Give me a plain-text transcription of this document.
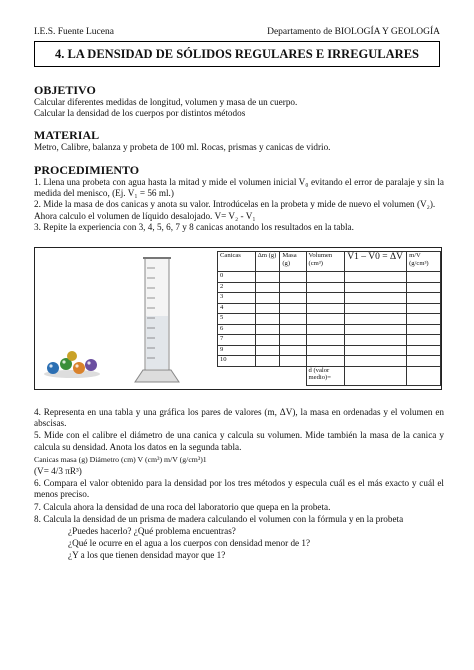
I.E.S. Fuente Lucena	Departamento de BIOLOGÍA Y GEOLOGÍA
4. LA DENSIDAD DE SÓLIDOS REGULARES E IRREGULARES
OBJETIVO

Calcular diferentes medidas de longitud, volumen y masa de un cuerpo.

Calcular la densidad de los cuerpos por distintos métodos

MATERIAL

Metro, Calibre, balanza y probeta de 100 ml. Rocas, prismas y canicas de vidrio.

PROCEDIMIENTO

1. Llena una probeta con agua hasta la mitad y mide el volumen inicial V₀ evitando el error de paralaje y sin la medida del menisco, (Ej. V₁ = 56 ml.)

2. Mide la masa de dos canicas y anota su valor. Introdúcelas en la probeta y mide de nuevo el volumen (V₂).

Ahora calculo el volumen de líquido desalojado. V= V₂ - V₁

3. Repite la experiencia con 3, 4, 5, 6, 7 y 8 canicas anotando los resultados en la tabla.

Canicas	Δm (g)	Masa (g)	Volumen (cm³)	V1 – V0 = ΔV	m/V (g/cm³)
0					
2					
3					
4					
5					
6					
7					
9					
10					
			d (valor medio)=		

4. Representa en una tabla y una gráfica los pares de valores (m, ΔV), la masa en ordenadas y el volumen en abscisas.

5. Mide con el calibre el diámetro de una canica y calcula su volumen. Mide también la masa de la canica y calcula su densidad. Anota los datos en la segunda tabla.

Canicas masa (g) Diámetro (cm) V (cm³) m/V (g/cm³)1

(V= 4/3 πR³)

6. Compara el valor obtenido para la densidad por los tres métodos y especula cuál es el más exacto y cuál el menos preciso.

7. Calcula ahora la densidad de una roca del laboratorio que quepa en la probeta.

8. Calcula la densidad de un prisma de madera calculando el volumen con la fórmula y en la probeta

¿Puedes hacerlo? ¿Qué problema encuentras?

¿Qué le ocurre en el agua a los cuerpos con densidad menor de 1?

¿Y a los que tienen densidad mayor que 1?
